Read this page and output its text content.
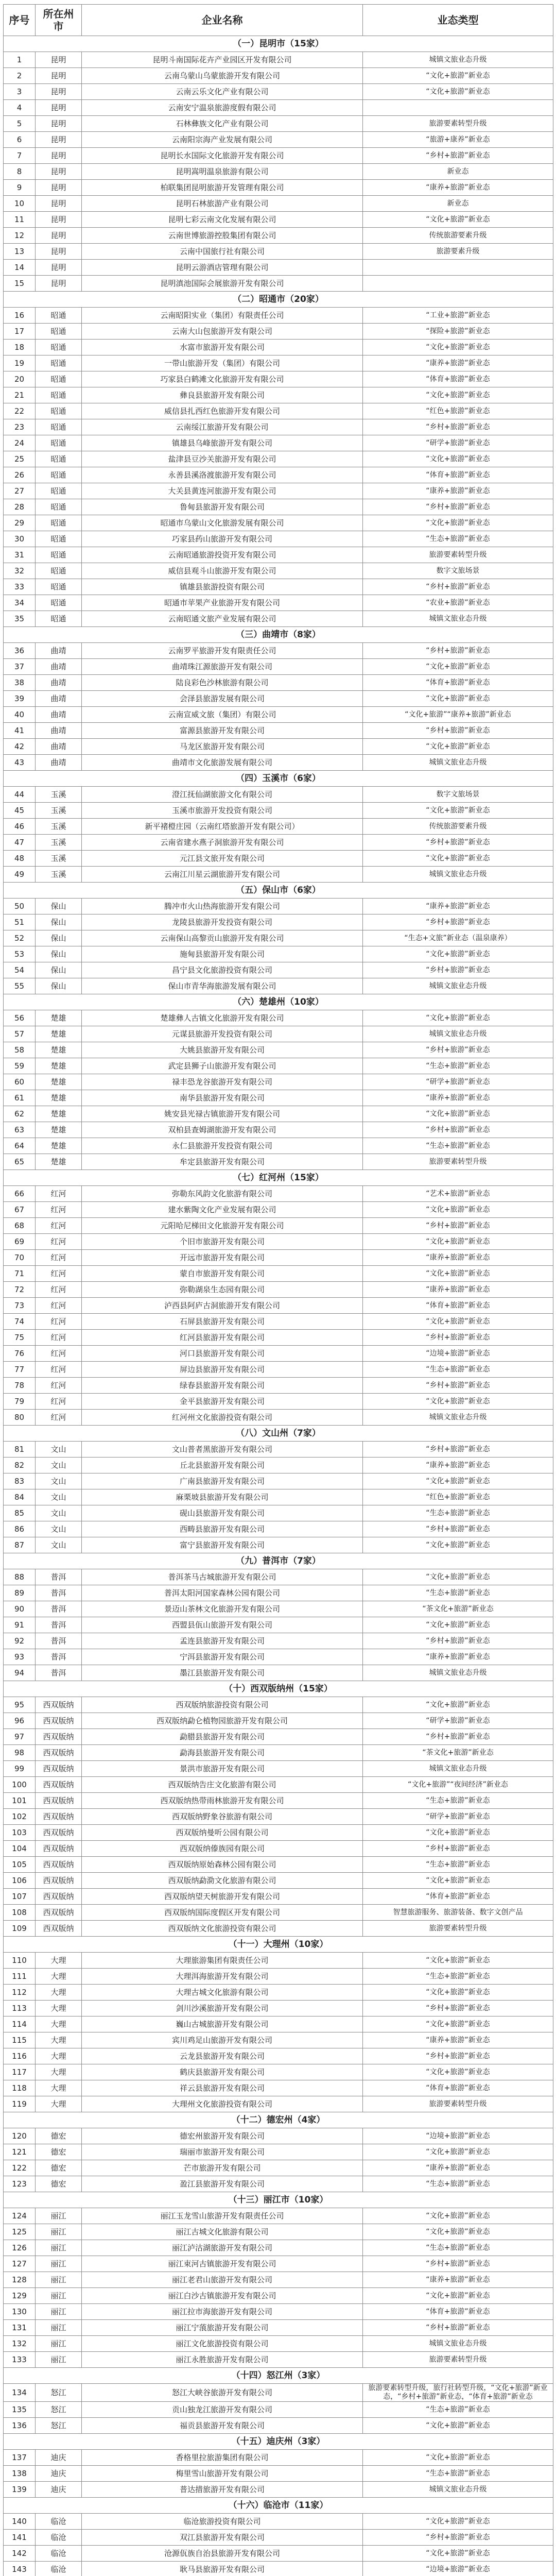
序号	所在州市	企业名称	业态类型
（一）昆明市（15家）			
1	昆明	昆明斗南国际花卉产业园区开发有限公司	城镇文旅业态升级
2	昆明	云南乌蒙山乌蒙旅游开发有限公司	“文化+旅游”新业态
3	昆明	云南云乐文化产业有限公司	“文化+旅游”新业态
4	昆明	云南安宁温泉旅游度假有限公司	
5	昆明	石林彝族文化产业有限公司	旅游要素转型升级
6	昆明	云南阳宗海产业发展有限公司	“旅游+康养”新业态
7	昆明	昆明长水国际文化旅游开发有限公司	“乡村+旅游”新业态
8	昆明	昆明嵩明温泉旅游有限公司	新业态
9	昆明	柏联集团昆明旅游开发管理有限公司	“康养+旅游”新业态
10	昆明	昆明石林旅游产业有限公司	新业态
11	昆明	昆明七彩云南文化发展有限公司	“文化+旅游”新业态
12	昆明	云南世博旅游控股集团有限公司	传统旅游要素升级
13	昆明	云南中国旅行社有限公司	旅游要素升级
14	昆明	昆明云游酒店管理有限公司	
15	昆明	昆明滇池国际会展旅游开发有限公司	
（二）昭通市（20家）			
16	昭通	云南昭阳实业（集团）有限责任公司	“工业+旅游”新业态
17	昭通	云南大山包旅游开发有限公司	“探险+旅游”新业态
18	昭通	水富市旅游开发有限公司	“文化+旅游”新业态
19	昭通	一带山旅游开发（集团）有限公司	“康养+旅游”新业态
20	昭通	巧家县白鹤滩文化旅游开发有限公司	“体育+旅游”新业态
21	昭通	彝良县旅游开发有限公司	“文化+旅游”新业态
22	昭通	威信县扎西红色旅游开发有限公司	“红色+旅游”新业态
23	昭通	云南绥江旅游开发有限公司	“乡村+旅游”新业态
24	昭通	镇雄县乌峰旅游开发有限公司	“研学+旅游”新业态
25	昭通	盐津县豆沙关旅游开发有限公司	“文化+旅游”新业态
26	昭通	永善县溪洛渡旅游开发有限公司	“体育+旅游”新业态
27	昭通	大关县黄连河旅游开发有限公司	“康养+旅游”新业态
28	昭通	鲁甸县旅游开发有限公司	“乡村+旅游”新业态
29	昭通	昭通市乌蒙山文化旅游发展有限公司	“文化+旅游”新业态
30	昭通	巧家县药山旅游开发有限公司	“生态+旅游”新业态
31	昭通	云南昭通旅游投资开发有限公司	旅游要素转型升级
32	昭通	威信县观斗山旅游开发有限公司	数字文旅场景
33	昭通	镇雄县旅游投资有限公司	“乡村+旅游”新业态
34	昭通	昭通市苹果产业旅游开发有限公司	“农业+旅游”新业态
35	昭通	云南昭通文旅产业发展有限公司	城镇文旅业态升级
（三）曲靖市（8家）			
36	曲靖	云南罗平旅游开发有限责任公司	“乡村+旅游”新业态
37	曲靖	曲靖珠江源旅游开发有限公司	“文化+旅游”新业态
38	曲靖	陆良彩色沙林旅游有限公司	“体育+旅游”新业态
39	曲靖	会泽县旅游发展有限公司	“文化+旅游”新业态
40	曲靖	云南宣威文旅（集团）有限公司	“文化+旅游”“康养+旅游”新业态
41	曲靖	富源县旅游开发有限公司	“乡村+旅游”新业态
42	曲靖	马龙区旅游开发有限公司	“文化+旅游”新业态
43	曲靖	曲靖市文化旅游发展有限公司	城镇文旅业态升级
（四）玉溪市（6家）			
44	玉溪	澄江抚仙湖旅游文化有限公司	数字文旅场景
45	玉溪	玉溪市旅游开发投资有限公司	“文化+旅游”新业态
46	玉溪	新平褚橙庄园（云南红塔旅游开发有限公司）	传统旅游要素升级
47	玉溪	云南省建水燕子洞旅游开发有限公司	“乡村+旅游”新业态
48	玉溪	元江县文旅开发有限公司	“文化+旅游”新业态
49	玉溪	云南江川星云湖旅游开发有限公司	城镇文旅业态升级
（五）保山市（6家）			
50	保山	腾冲市火山热海旅游开发有限公司	“康养+旅游”新业态
51	保山	龙陵县旅游开发投资有限公司	“乡村+旅游”新业态
52	保山	云南保山高黎贡山旅游开发有限公司	“生态+文旅”新业态（温泉康养）
53	保山	施甸县旅游开发有限公司	“文化+旅游”新业态
54	保山	昌宁县文化旅游投资有限公司	“乡村+旅游”新业态
55	保山	保山市青华海旅游发展有限公司	城镇文旅业态升级
（六）楚雄州（10家）			
56	楚雄	楚雄彝人古镇文化旅游开发有限公司	“文化+旅游”新业态
57	楚雄	元谋县旅游开发投资有限公司	城镇文旅业态升级
58	楚雄	大姚县旅游开发有限公司	“乡村+旅游”新业态
59	楚雄	武定县狮子山旅游开发有限公司	“生态+旅游”新业态
60	楚雄	禄丰恐龙谷旅游开发有限公司	“研学+旅游”新业态
61	楚雄	南华县旅游开发有限公司	“康养+旅游”新业态
62	楚雄	姚安县光禄古镇旅游开发有限公司	“文化+旅游”新业态
63	楚雄	双柏县查姆湖旅游开发有限公司	“乡村+旅游”新业态
64	楚雄	永仁县旅游开发投资有限公司	“生态+旅游”新业态
65	楚雄	牟定县旅游开发有限公司	旅游要素转型升级
（七）红河州（15家）			
66	红河	弥勒东风韵文化旅游有限公司	“艺术+旅游”新业态
67	红河	建水紫陶文化产业发展有限公司	“文化+旅游”新业态
68	红河	元阳哈尼梯田文化旅游开发有限公司	“乡村+旅游”新业态
69	红河	个旧市旅游开发有限公司	“文化+旅游”新业态
70	红河	开远市旅游开发有限公司	“康养+旅游”新业态
71	红河	蒙自市旅游开发有限公司	“文化+旅游”新业态
72	红河	弥勒湖泉生态园有限公司	“康养+旅游”新业态
73	红河	泸西县阿庐古洞旅游开发有限公司	“体育+旅游”新业态
74	红河	石屏县旅游开发有限公司	“文化+旅游”新业态
75	红河	红河县旅游开发有限公司	“乡村+旅游”新业态
76	红河	河口县旅游开发有限公司	“边境+旅游”新业态
77	红河	屏边县旅游开发有限公司	“生态+旅游”新业态
78	红河	绿春县旅游开发有限公司	“乡村+旅游”新业态
79	红河	金平县旅游开发有限公司	“文化+旅游”新业态
80	红河	红河州文化旅游投资有限公司	城镇文旅业态升级
（八）文山州（7家）			
81	文山	文山普者黑旅游开发有限公司	“乡村+旅游”新业态
82	文山	丘北县旅游开发有限公司	“康养+旅游”新业态
83	文山	广南县旅游开发有限公司	“文化+旅游”新业态
84	文山	麻栗坡县旅游开发有限公司	“红色+旅游”新业态
85	文山	砚山县旅游开发有限公司	“生态+旅游”新业态
86	文山	西畴县旅游开发有限公司	“乡村+旅游”新业态
87	文山	富宁县旅游开发有限公司	“文化+旅游”新业态
（九）普洱市（7家）			
88	普洱	普洱茶马古城旅游开发有限公司	“文化+旅游”新业态
89	普洱	普洱太阳河国家森林公园有限公司	“生态+旅游”新业态
90	普洱	景迈山茶林文化旅游开发有限公司	“茶文化+旅游”新业态
91	普洱	西盟县佤山旅游开发有限公司	“文化+旅游”新业态
92	普洱	孟连县旅游开发有限公司	“乡村+旅游”新业态
93	普洱	宁洱县旅游开发有限公司	“康养+旅游”新业态
94	普洱	墨江县旅游开发有限公司	城镇文旅业态升级
（十）西双版纳州（15家）			
95	西双版纳	西双版纳旅游投资有限公司	“文化+旅游”新业态
96	西双版纳	西双版纳勐仑植物园旅游开发有限公司	“研学+旅游”新业态
97	西双版纳	勐腊县旅游开发有限公司	“乡村+旅游”新业态
98	西双版纳	勐海县旅游开发有限公司	“茶文化+旅游”新业态
99	西双版纳	景洪市旅游开发有限公司	城镇文旅业态升级
100	西双版纳	西双版纳告庄文化旅游有限公司	“文化+旅游”“夜间经济”新业态
101	西双版纳	西双版纳热带雨林旅游开发有限公司	“生态+旅游”新业态
102	西双版纳	西双版纳野象谷旅游有限公司	“研学+旅游”新业态
103	西双版纳	西双版纳曼听公园有限公司	“文化+旅游”新业态
104	西双版纳	西双版纳傣族园有限公司	“乡村+旅游”新业态
105	西双版纳	西双版纳原始森林公园有限公司	“生态+旅游”新业态
106	西双版纳	西双版纳勐泐文化旅游有限公司	“文化+旅游”新业态
107	西双版纳	西双版纳望天树旅游开发有限公司	“体育+旅游”新业态
108	西双版纳	西双版纳国际度假区开发有限公司	智慧旅游服务、旅游装备、数字文创产品
109	西双版纳	西双版纳文化旅游投资有限公司	旅游要素转型升级
（十一）大理州（10家）			
110	大理	大理旅游集团有限责任公司	“文化+旅游”新业态
111	大理	大理洱海旅游开发有限公司	“生态+旅游”新业态
112	大理	大理古城文化旅游有限公司	“文化+旅游”新业态
113	大理	剑川沙溪旅游开发有限公司	“乡村+旅游”新业态
114	大理	巍山古城旅游开发有限公司	“文化+旅游”新业态
115	大理	宾川鸡足山旅游开发有限公司	“康养+旅游”新业态
116	大理	云龙县旅游开发有限公司	“乡村+旅游”新业态
117	大理	鹤庆县旅游开发有限公司	“文化+旅游”新业态
118	大理	祥云县旅游开发有限公司	“体育+旅游”新业态
119	大理	大理州文化旅游投资有限公司	旅游要素转型升级
（十二）德宏州（4家）			
120	德宏	德宏州旅游开发有限公司	“边境+旅游”新业态
121	德宏	瑞丽市旅游开发有限公司	“文化+旅游”新业态
122	德宏	芒市旅游开发有限公司	“康养+旅游”新业态
123	德宏	盈江县旅游开发有限公司	“生态+旅游”新业态
（十三）丽江市（10家）			
124	丽江	丽江玉龙雪山旅游开发有限责任公司	“文化+旅游”新业态
125	丽江	丽江古城文化旅游有限公司	“文化+旅游”新业态
126	丽江	丽江泸沽湖旅游开发有限公司	“生态+旅游”新业态
127	丽江	丽江束河古镇旅游开发有限公司	“乡村+旅游”新业态
128	丽江	丽江老君山旅游开发有限公司	“康养+旅游”新业态
129	丽江	丽江白沙古镇旅游开发有限公司	“文化+旅游”新业态
130	丽江	丽江拉市海旅游开发有限公司	“体育+旅游”新业态
131	丽江	丽江宁蒗旅游开发有限公司	“乡村+旅游”新业态
132	丽江	丽江文化旅游投资有限公司	城镇文旅业态升级
133	丽江	丽江永胜旅游开发有限公司	旅游要素转型升级
（十四）怒江州（3家）			
134	怒江	怒江大峡谷旅游开发有限公司	旅游要素转型升级，旅行社转型升级，“文化+旅游”新业态，“乡村+旅游”新业态，“体育+旅游”新业态
135	怒江	贡山独龙江旅游开发有限公司	“生态+旅游”新业态
136	怒江	福贡县旅游开发有限公司	“文化+旅游”新业态
（十五）迪庆州（3家）			
137	迪庆	香格里拉旅游集团有限公司	“文化+旅游”新业态
138	迪庆	梅里雪山旅游开发有限公司	“生态+旅游”新业态
139	迪庆	普达措旅游开发有限公司	城镇文旅业态升级
（十六）临沧市（11家）			
140	临沧	临沧旅游投资有限公司	“文化+旅游”新业态
141	临沧	双江县旅游开发有限公司	“乡村+旅游”新业态
142	临沧	沧源佤族自治县旅游开发有限公司	“文化+旅游”新业态
143	临沧	耿马县旅游开发有限公司	“边境+旅游”新业态
